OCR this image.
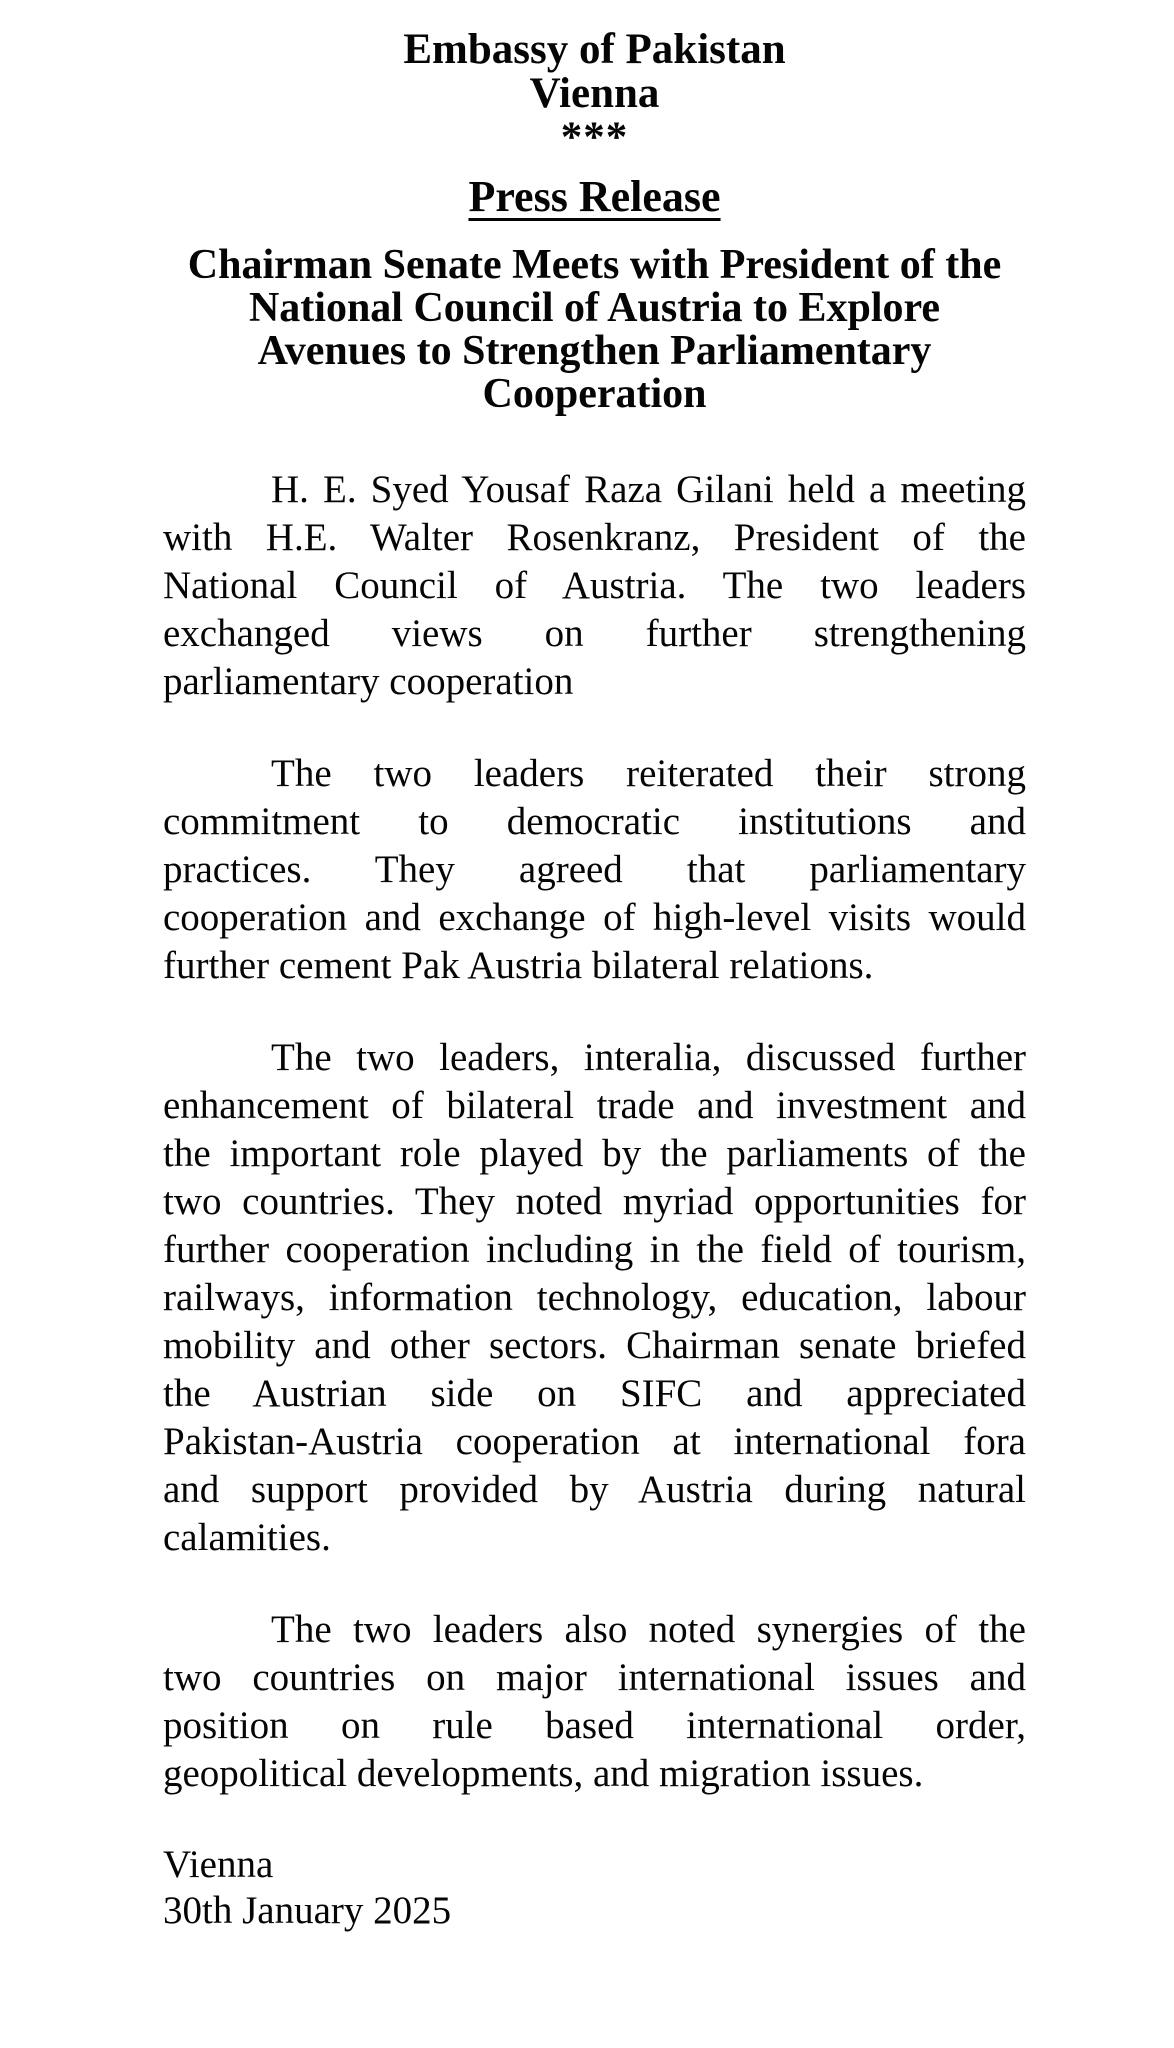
Embassy of Pakistan
Vienna
***
Press Release
Chairman Senate Meets with President of the
National Council of Austria to Explore
Avenues to Strengthen Parliamentary
Cooperation
H. E. Syed Yousaf Raza Gilani held a meeting
with H.E. Walter Rosenkranz, President of the
National Council of Austria. The two leaders
exchanged views on further strengthening
parliamentary cooperation
The two leaders reiterated their strong
commitment to democratic institutions and
practices. They agreed that parliamentary
cooperation and exchange of high-level visits would
further cement Pak Austria bilateral relations.
The two leaders, interalia, discussed further
enhancement of bilateral trade and investment and
the important role played by the parliaments of the
two countries. They noted myriad opportunities for
further cooperation including in the field of tourism,
railways, information technology, education, labour
mobility and other sectors. Chairman senate briefed
the Austrian side on SIFC and appreciated
Pakistan-Austria cooperation at international fora
and support provided by Austria during natural
calamities.
The two leaders also noted synergies of the
two countries on major international issues and
position on rule based international order,
geopolitical developments, and migration issues.
Vienna
30th January 2025
